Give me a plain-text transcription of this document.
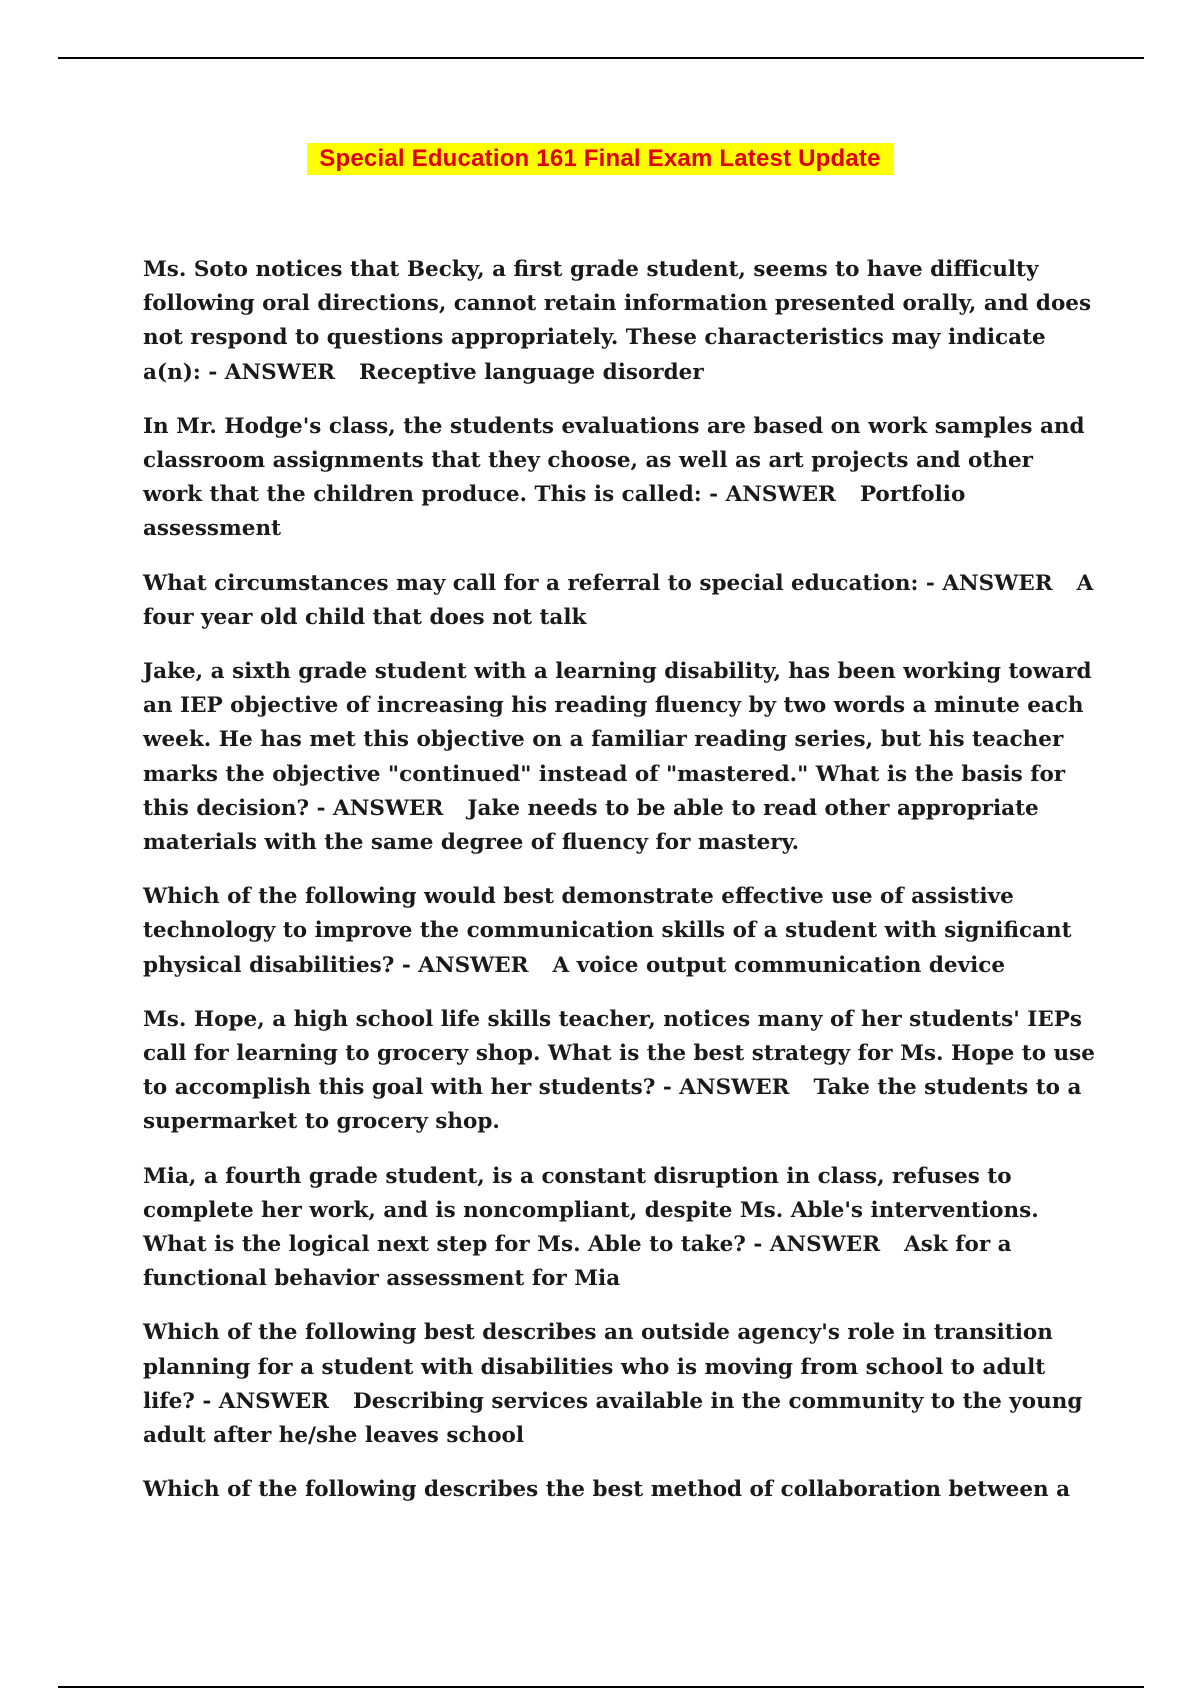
Special Education 161 Final Exam Latest Update

Ms. Soto notices that Becky, a first grade student, seems to have difficulty following oral directions, cannot retain information presented orally, and does not respond to questions appropriately. These characteristics may indicate a(n): - ANSWER Receptive language disorder

In Mr. Hodge's class, the students evaluations are based on work samples and classroom assignments that they choose, as well as art projects and other work that the children produce. This is called: - ANSWER Portfolio assessment

What circumstances may call for a referral to special education: - ANSWER A four year old child that does not talk

Jake, a sixth grade student with a learning disability, has been working toward an IEP objective of increasing his reading fluency by two words a minute each week. He has met this objective on a familiar reading series, but his teacher marks the objective "continued" instead of "mastered." What is the basis for this decision? - ANSWER Jake needs to be able to read other appropriate materials with the same degree of fluency for mastery.

Which of the following would best demonstrate effective use of assistive technology to improve the communication skills of a student with significant physical disabilities? - ANSWER A voice output communication device

Ms. Hope, a high school life skills teacher, notices many of her students' IEPs call for learning to grocery shop. What is the best strategy for Ms. Hope to use to accomplish this goal with her students? - ANSWER Take the students to a supermarket to grocery shop.

Mia, a fourth grade student, is a constant disruption in class, refuses to complete her work, and is noncompliant, despite Ms. Able's interventions. What is the logical next step for Ms. Able to take? - ANSWER Ask for a functional behavior assessment for Mia

Which of the following best describes an outside agency's role in transition planning for a student with disabilities who is moving from school to adult life? - ANSWER Describing services available in the community to the young adult after he/she leaves school

Which of the following describes the best method of collaboration between a
